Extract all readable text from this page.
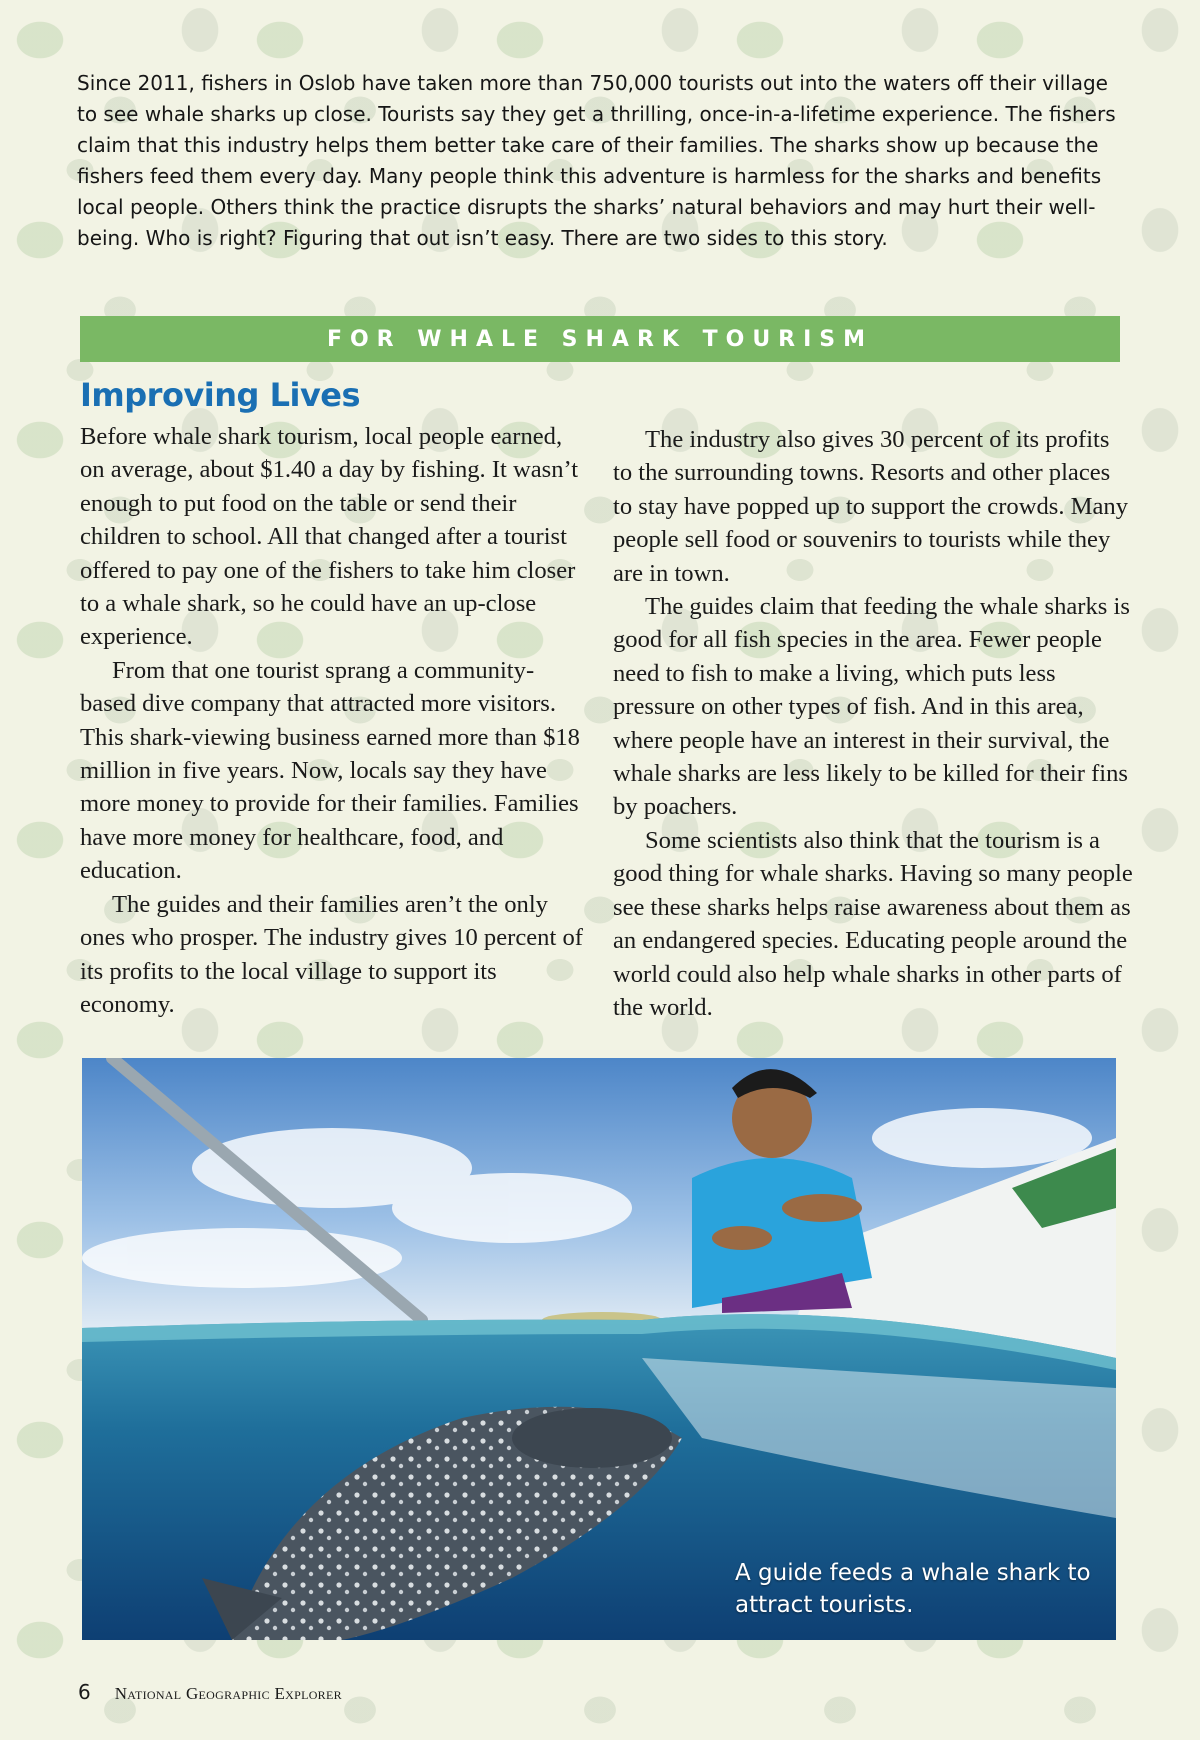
Since 2011, fishers in Oslob have taken more than 750,000 tourists out into the waters off their village to see whale sharks up close. Tourists say they get a thrilling, once-in-a-lifetime experience. The fishers claim that this industry helps them better take care of their families. The sharks show up because the fishers feed them every day. Many people think this adventure is harmless for the sharks and benefits local people. Others think the practice disrupts the sharks’ natural behaviors and may hurt their well-being. Who is right? Figuring that out isn’t easy. There are two sides to this story.

FOR WHALE SHARK TOURISM
Improving Lives

Before whale shark tourism, local people earned, on average, about $1.40 a day by fishing. It wasn’t enough to put food on the table or send their children to school. All that changed after a tourist offered to pay one of the fishers to take him closer to a whale shark, so he could have an up-close experience.

From that one tourist sprang a community-based dive company that attracted more visitors. This shark-viewing business earned more than $18 million in five years. Now, locals say they have more money to provide for their families. Families have more money for healthcare, food, and education.

The guides and their families aren’t the only ones who prosper. The industry gives 10 percent of its profits to the local village to support its economy.

The industry also gives 30 percent of its profits to the surrounding towns. Resorts and other places to stay have popped up to support the crowds. Many people sell food or souvenirs to tourists while they are in town.

The guides claim that feeding the whale sharks is good for all fish species in the area. Fewer people need to fish to make a living, which puts less pressure on other types of fish. And in this area, where people have an interest in their survival, the whale sharks are less likely to be killed for their fins by poachers.

Some scientists also think that the tourism is a good thing for whale sharks. Having so many people see these sharks helps raise awareness about them as an endangered species. Educating people around the world could also help whale sharks in other parts of the world.

A guide feeds a whale shark to attract tourists.
6 National Geographic Explorer
